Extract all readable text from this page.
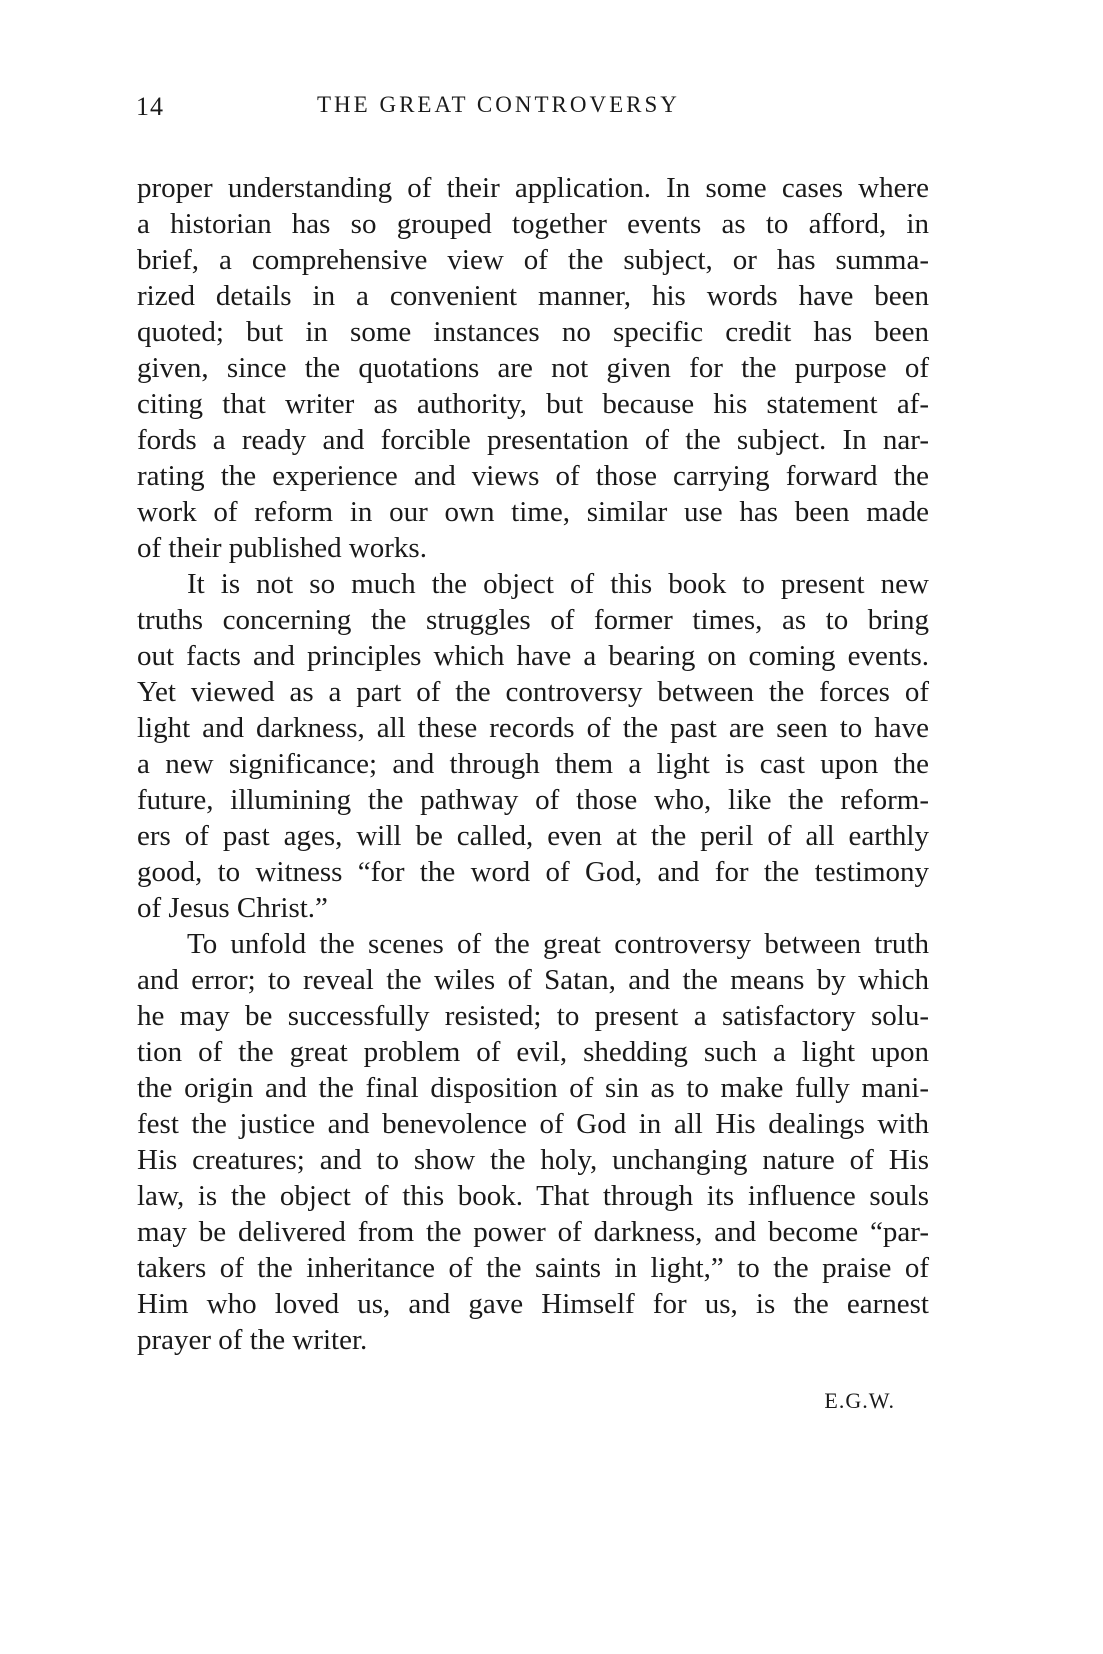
14	THE GREAT CONTROVERSY
proper understanding of their application. In some cases where
a historian has so grouped together events as to afford, in
brief, a comprehensive view of the subject, or has summa-
rized details in a convenient manner, his words have been
quoted; but in some instances no specific credit has been
given, since the quotations are not given for the purpose of
citing that writer as authority, but because his statement af-
fords a ready and forcible presentation of the subject. In nar-
rating the experience and views of those carrying forward the
work of reform in our own time, similar use has been made
of their published works.
It is not so much the object of this book to present new
truths concerning the struggles of former times, as to bring
out facts and principles which have a bearing on coming events.
Yet viewed as a part of the controversy between the forces of
light and darkness, all these records of the past are seen to have
a new significance; and through them a light is cast upon the
future, illumining the pathway of those who, like the reform-
ers of past ages, will be called, even at the peril of all earthly
good, to witness “for the word of God, and for the testimony
of Jesus Christ.”
To unfold the scenes of the great controversy between truth
and error; to reveal the wiles of Satan, and the means by which
he may be successfully resisted; to present a satisfactory solu-
tion of the great problem of evil, shedding such a light upon
the origin and the final disposition of sin as to make fully mani-
fest the justice and benevolence of God in all His dealings with
His creatures; and to show the holy, unchanging nature of His
law, is the object of this book. That through its influence souls
may be delivered from the power of darkness, and become “par-
takers of the inheritance of the saints in light,” to the praise of
Him who loved us, and gave Himself for us, is the earnest
prayer of the writer.
E.G.W.
